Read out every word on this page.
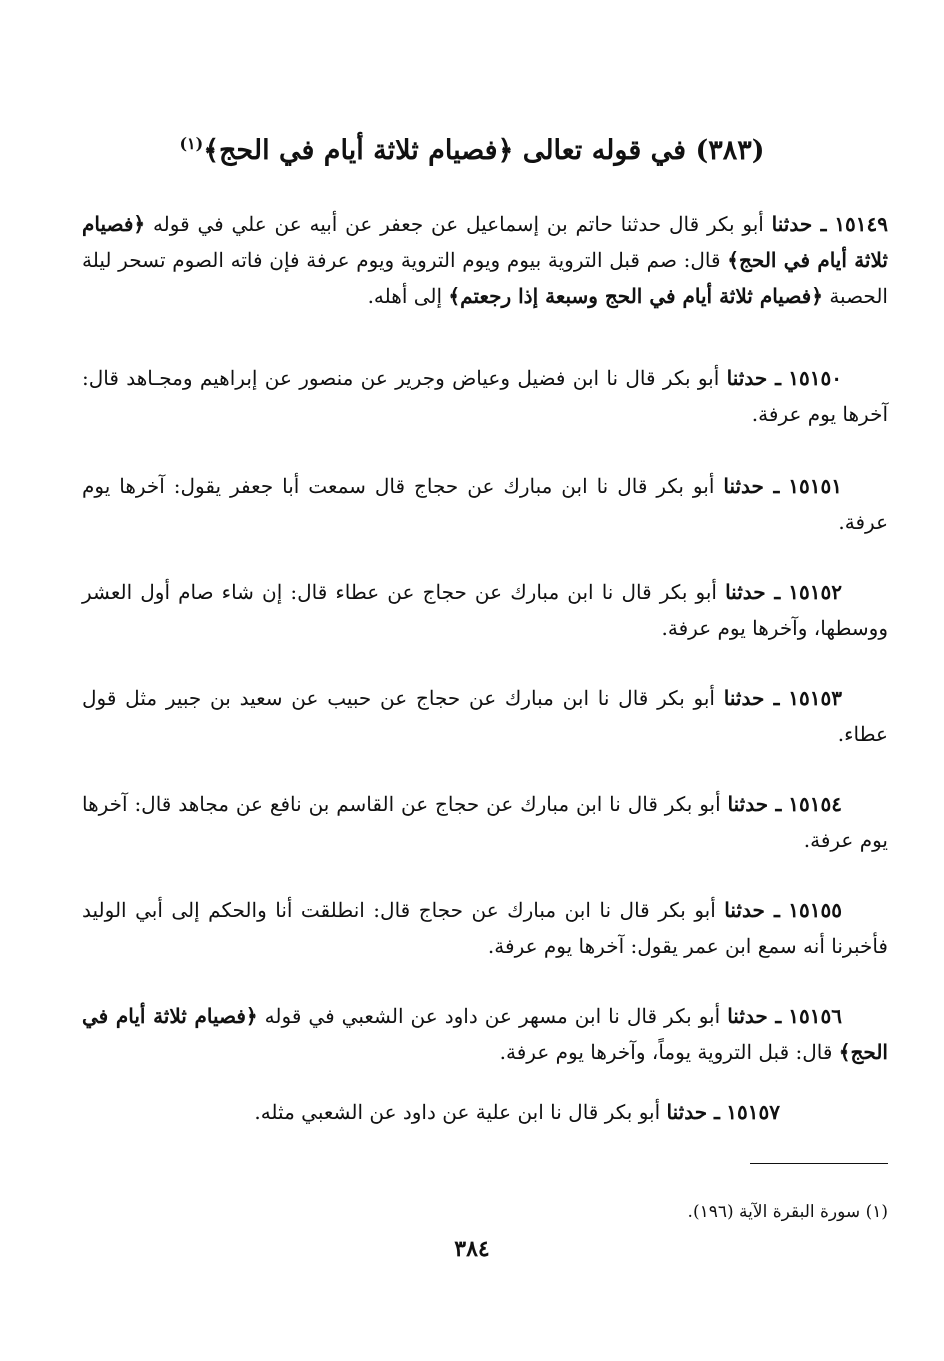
(٣٨٣) في قوله تعالى ﴿فصيام ثلاثة أيام في الحج﴾$^{(١)}$

١٥١٤٩ ـ حدثنا أبو بكر قال حدثنا حاتم بن إسماعيل عن جعفر عن أبيه عن علي في قوله ﴿فصيام ثلاثة أيام في الحج﴾ قال: صم قبل التروية بيوم ويوم التروية ويوم عرفة فإن فاته الصوم تسحر ليلة الحصبة ﴿فصيام ثلاثة أيام في الحج وسبعة إذا رجعتم﴾ إلى أهله.

١٥١٥٠ ـ حدثنا أبو بكر قال نا ابن فضيل وعياض وجرير عن منصور عن إبراهيم ومجـاهد قال: آخرها يوم عرفة.

١٥١٥١ ـ حدثنا أبو بكر قال نا ابن مبارك عن حجاج قال سمعت أبا جعفر يقول: آخرها يوم عرفة.

١٥١٥٢ ـ حدثنا أبو بكر قال نا ابن مبارك عن حجاج عن عطاء قال: إن شاء صام أول العشر ووسطها، وآخرها يوم عرفة.

١٥١٥٣ ـ حدثنا أبو بكر قال نا ابن مبارك عن حجاج عن حبيب عن سعيد بن جبير مثل قول عطاء.

١٥١٥٤ ـ حدثنا أبو بكر قال نا ابن مبارك عن حجاج عن القاسم بن نافع عن مجاهد قال: آخرها يوم عرفة.

١٥١٥٥ ـ حدثنا أبو بكر قال نا ابن مبارك عن حجاج قال: انطلقت أنا والحكم إلى أبي الوليد فأخبرنا أنه سمع ابن عمر يقول: آخرها يوم عرفة.

١٥١٥٦ ـ حدثنا أبو بكر قال نا ابن مسهر عن داود عن الشعبي في قوله ﴿فصيام ثلاثة أيام في الحج﴾ قال: قبل التروية يوماً، وآخرها يوم عرفة.

١٥١٥٧ ـ حدثنا أبو بكر قال نا ابن علية عن داود عن الشعبي مثله.

(١) سورة البقرة الآية (١٩٦).
٣٨٤
